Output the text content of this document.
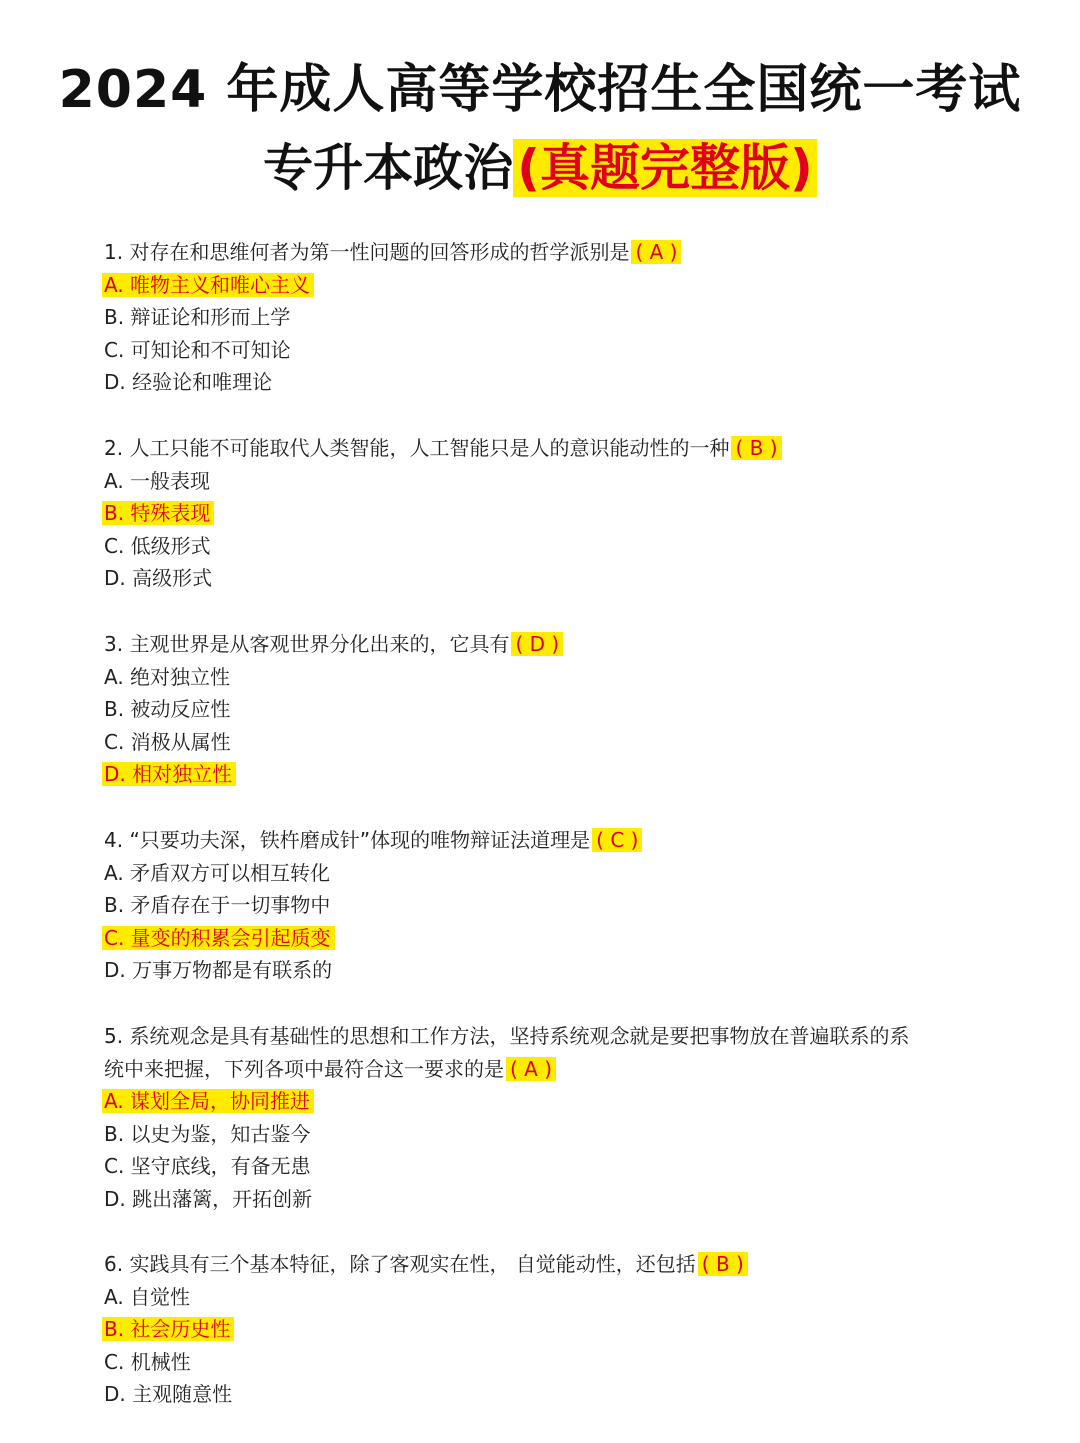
2024 年成人高等学校招生全国统一考试
专升本政治(真题完整版)
1. 对存在和思维何者为第一性问题的回答形成的哲学派别是 ( A )
A. 唯物主义和唯心主义
B. 辩证论和形而上学
C. 可知论和不可知论
D. 经验论和唯理论
2. 人工只能不可能取代人类智能，人工智能只是人的意识能动性的一种 ( B )
A. 一般表现
B. 特殊表现
C. 低级形式
D. 高级形式
3. 主观世界是从客观世界分化出来的，它具有 ( D )
A. 绝对独立性
B. 被动反应性
C. 消极从属性
D. 相对独立性
4. “只要功夫深，铁杵磨成针”体现的唯物辩证法道理是 ( C )
A. 矛盾双方可以相互转化
B. 矛盾存在于一切事物中
C. 量变的积累会引起质变
D. 万事万物都是有联系的
5. 系统观念是具有基础性的思想和工作方法，坚持系统观念就是要把事物放在普遍联系的系
统中来把握，下列各项中最符合这一要求的是 ( A )
A. 谋划全局，协同推进
B. 以史为鉴，知古鉴今
C. 坚守底线，有备无患
D. 跳出藩篱，开拓创新
6. 实践具有三个基本特征，除了客观实在性， 自觉能动性，还包括 ( B )
A. 自觉性
B. 社会历史性
C. 机械性
D. 主观随意性
